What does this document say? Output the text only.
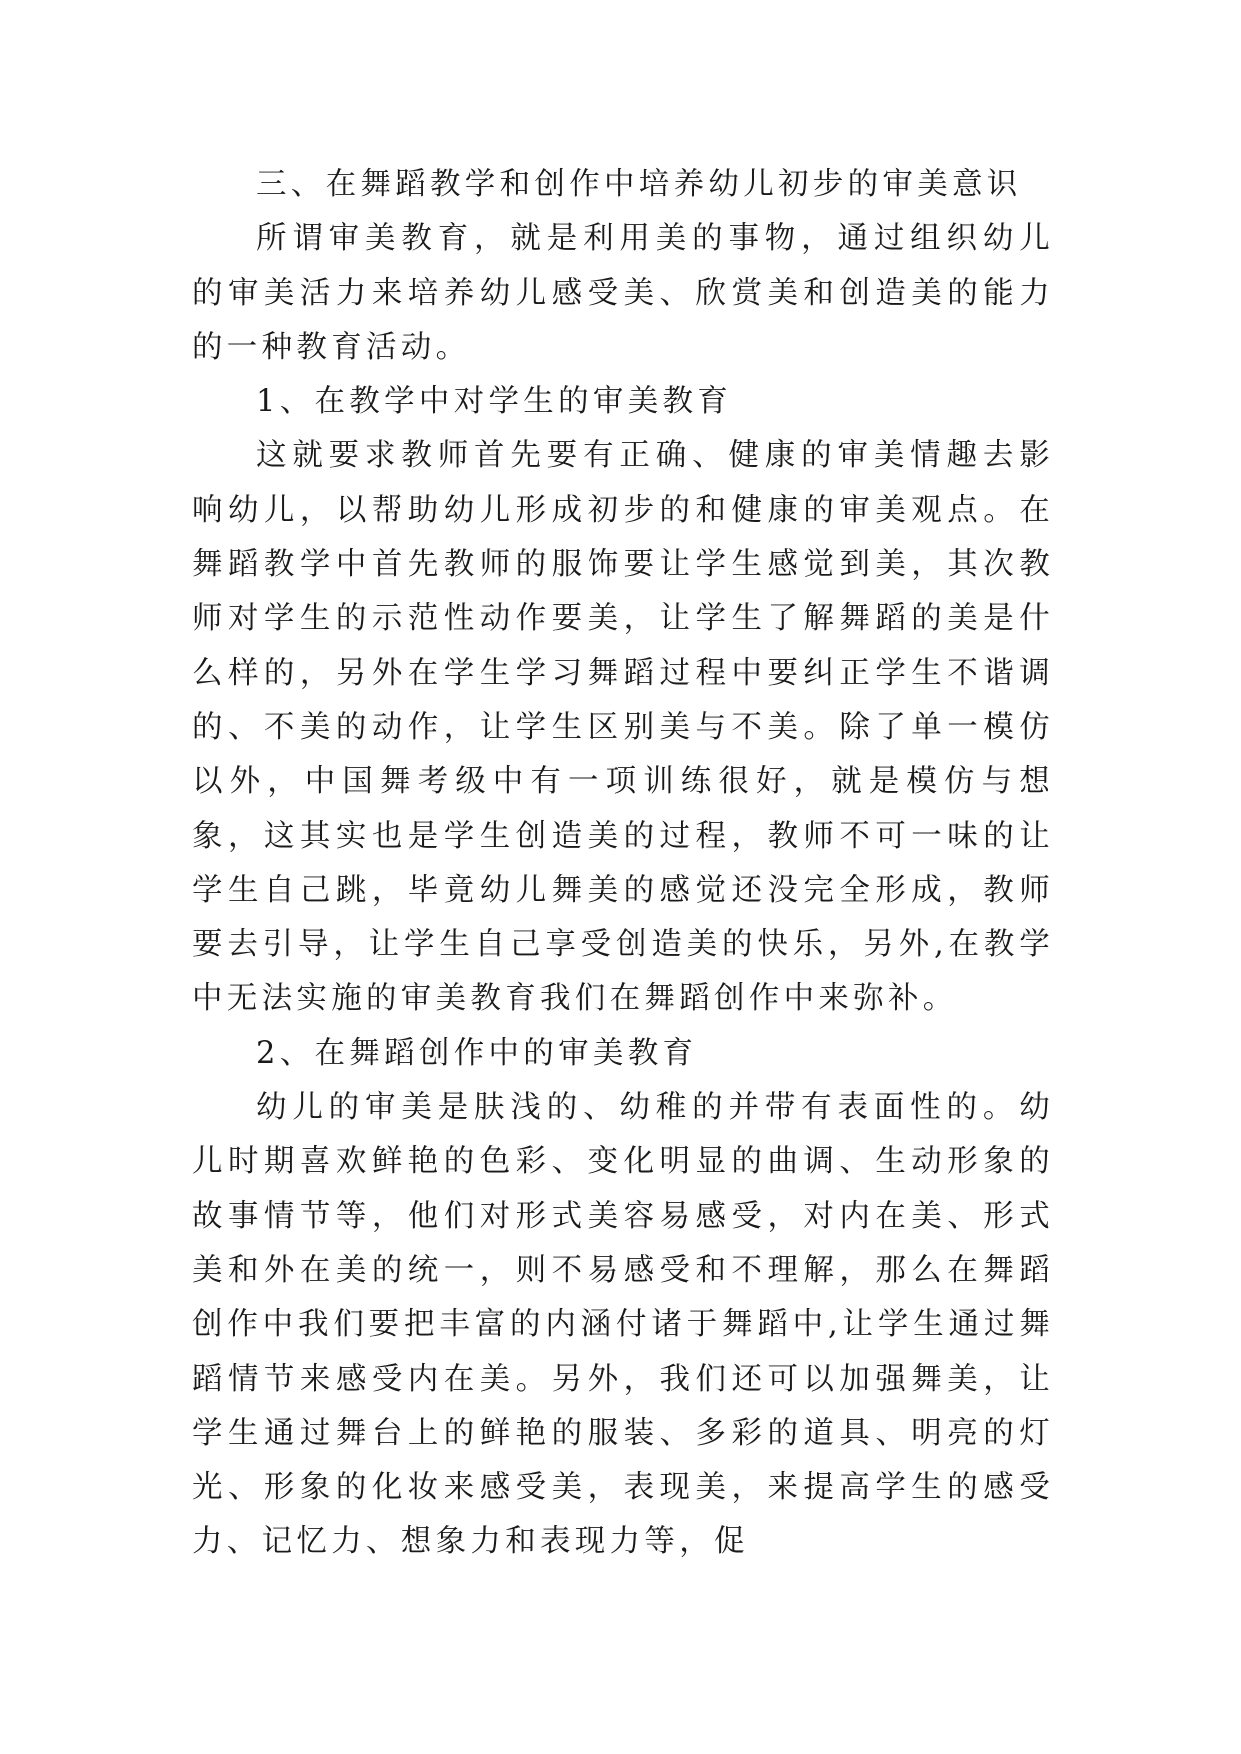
三、在舞蹈教学和创作中培养幼儿初步的审美意识

所谓审美教育，就是利用美的事物，通过组织幼儿的审美活力来培养幼儿感受美、欣赏美和创造美的能力的一种教育活动。

1、在教学中对学生的审美教育

这就要求教师首先要有正确、健康的审美情趣去影响幼儿，以帮助幼儿形成初步的和健康的审美观点。在舞蹈教学中首先教师的服饰要让学生感觉到美，其次教师对学生的示范性动作要美，让学生了解舞蹈的美是什么样的，另外在学生学习舞蹈过程中要纠正学生不谐调的、不美的动作，让学生区别美与不美。除了单一模仿以外，中国舞考级中有一项训练很好，就是模仿与想象，这其实也是学生创造美的过程，教师不可一味的让学生自己跳，毕竟幼儿舞美的感觉还没完全形成，教师要去引导，让学生自己享受创造美的快乐，另外,在教学中无法实施的审美教育我们在舞蹈创作中来弥补。

2、在舞蹈创作中的审美教育

幼儿的审美是肤浅的、幼稚的并带有表面性的。幼儿时期喜欢鲜艳的色彩、变化明显的曲调、生动形象的故事情节等，他们对形式美容易感受，对内在美、形式美和外在美的统一，则不易感受和不理解，那么在舞蹈创作中我们要把丰富的内涵付诸于舞蹈中,让学生通过舞蹈情节来感受内在美。另外，我们还可以加强舞美，让学生通过舞台上的鲜艳的服装、多彩的道具、明亮的灯光、形象的化妆来感受美，表现美，来提高学生的感受力、记忆力、想象力和表现力等，促
